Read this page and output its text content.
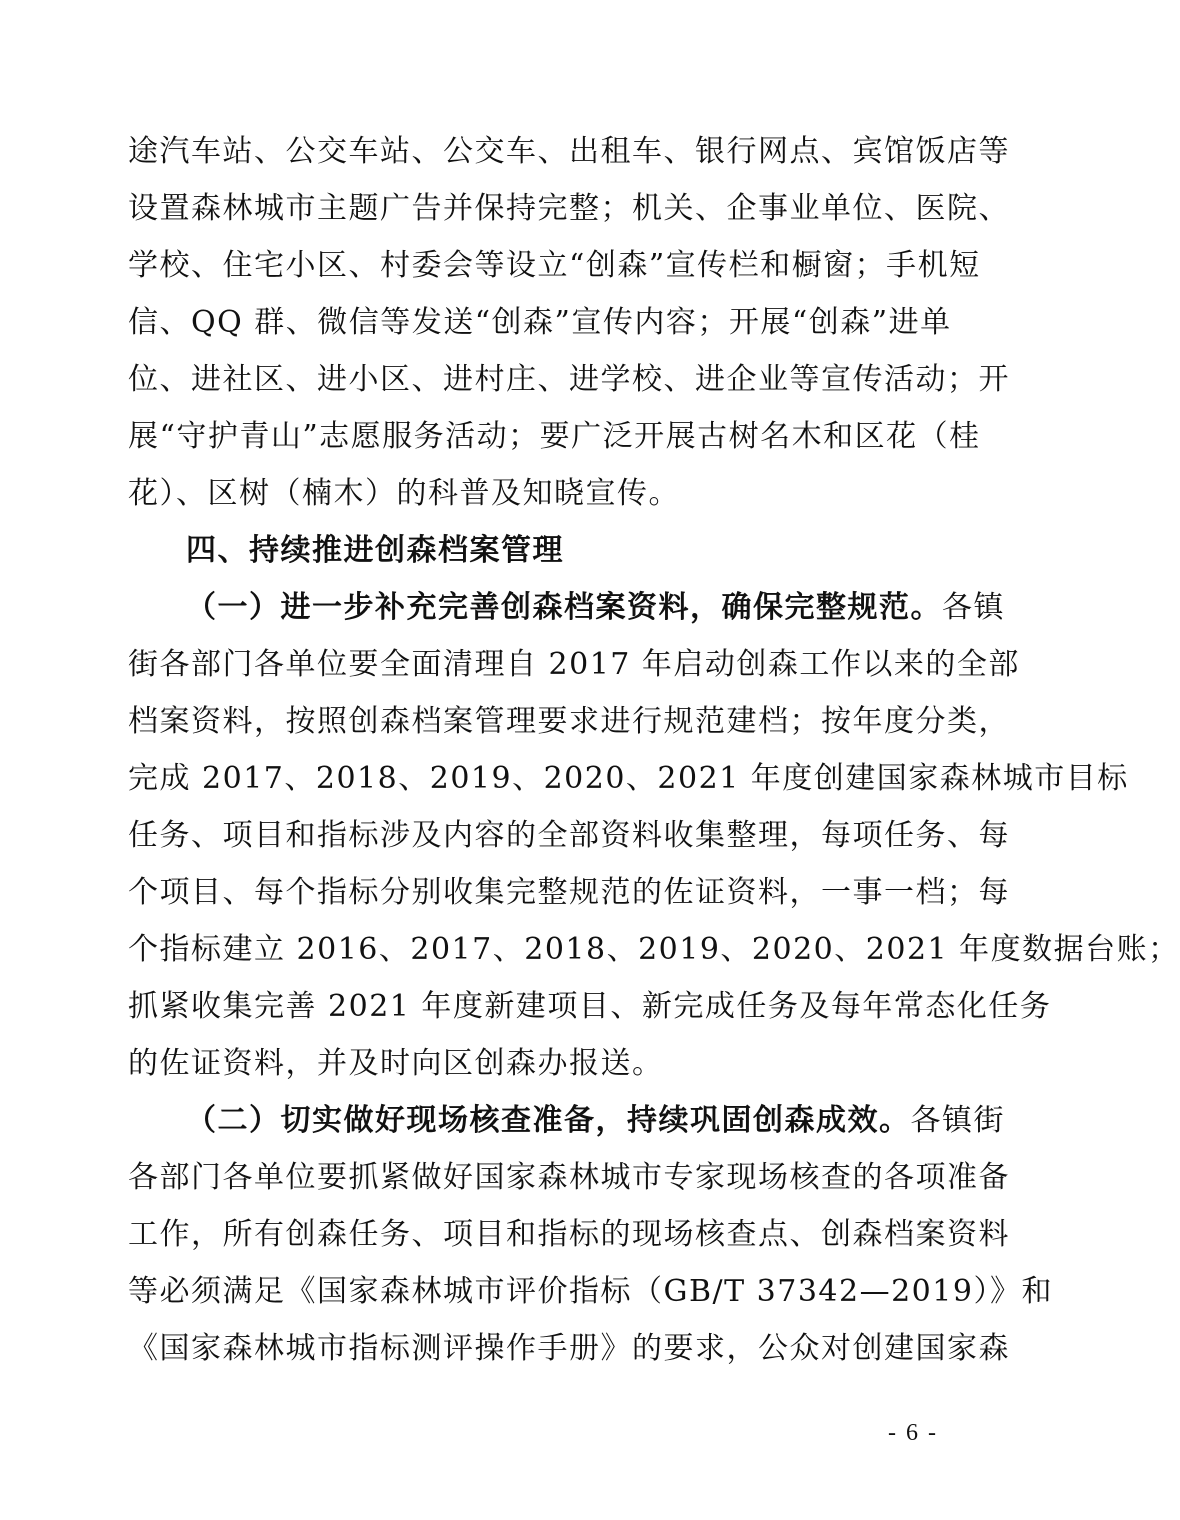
途汽车站、公交车站、公交车、出租车、银行网点、宾馆饭店等
设置森林城市主题广告并保持完整；机关、企事业单位、医院、
学校、住宅小区、村委会等设立“创森”宣传栏和橱窗；手机短
信、QQ 群、微信等发送“创森”宣传内容；开展“创森”进单
位、进社区、进小区、进村庄、进学校、进企业等宣传活动；开
展“守护青山”志愿服务活动；要广泛开展古树名木和区花（桂
花）、区树（楠木）的科普及知晓宣传。
四、持续推进创森档案管理
（一）进一步补充完善创森档案资料，确保完整规范。各镇
街各部门各单位要全面清理自 2017 年启动创森工作以来的全部
档案资料，按照创森档案管理要求进行规范建档；按年度分类，
完成 2017、2018、2019、2020、2021 年度创建国家森林城市目标
任务、项目和指标涉及内容的全部资料收集整理，每项任务、每
个项目、每个指标分别收集完整规范的佐证资料，一事一档；每
个指标建立 2016、2017、2018、2019、2020、2021 年度数据台账；
抓紧收集完善 2021 年度新建项目、新完成任务及每年常态化任务
的佐证资料，并及时向区创森办报送。
（二）切实做好现场核查准备，持续巩固创森成效。各镇街
各部门各单位要抓紧做好国家森林城市专家现场核查的各项准备
工作，所有创森任务、项目和指标的现场核查点、创森档案资料
等必须满足《国家森林城市评价指标（GB/T 37342—2019）》和
《国家森林城市指标测评操作手册》的要求，公众对创建国家森
- 6 -
